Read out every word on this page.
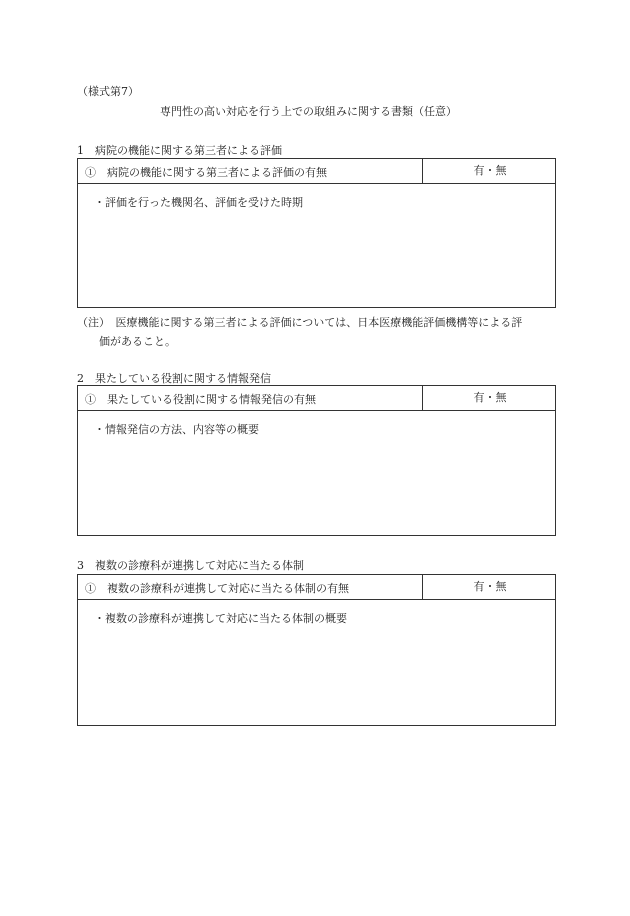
（様式第7）
専門性の高い対応を行う上での取組みに関する書類（任意）
1　病院の機能に関する第三者による評価
①　病院の機能に関する第三者による評価の有無	有・無
・評価を行った機関名、評価を受けた時期
（注）　医療機能に関する第三者による評価については、日本医療機能評価機構等による評
価があること。
2　果たしている役割に関する情報発信
①　果たしている役割に関する情報発信の有無	有・無
・情報発信の方法、内容等の概要
3　複数の診療科が連携して対応に当たる体制
①　複数の診療科が連携して対応に当たる体制の有無	有・無
・複数の診療科が連携して対応に当たる体制の概要
